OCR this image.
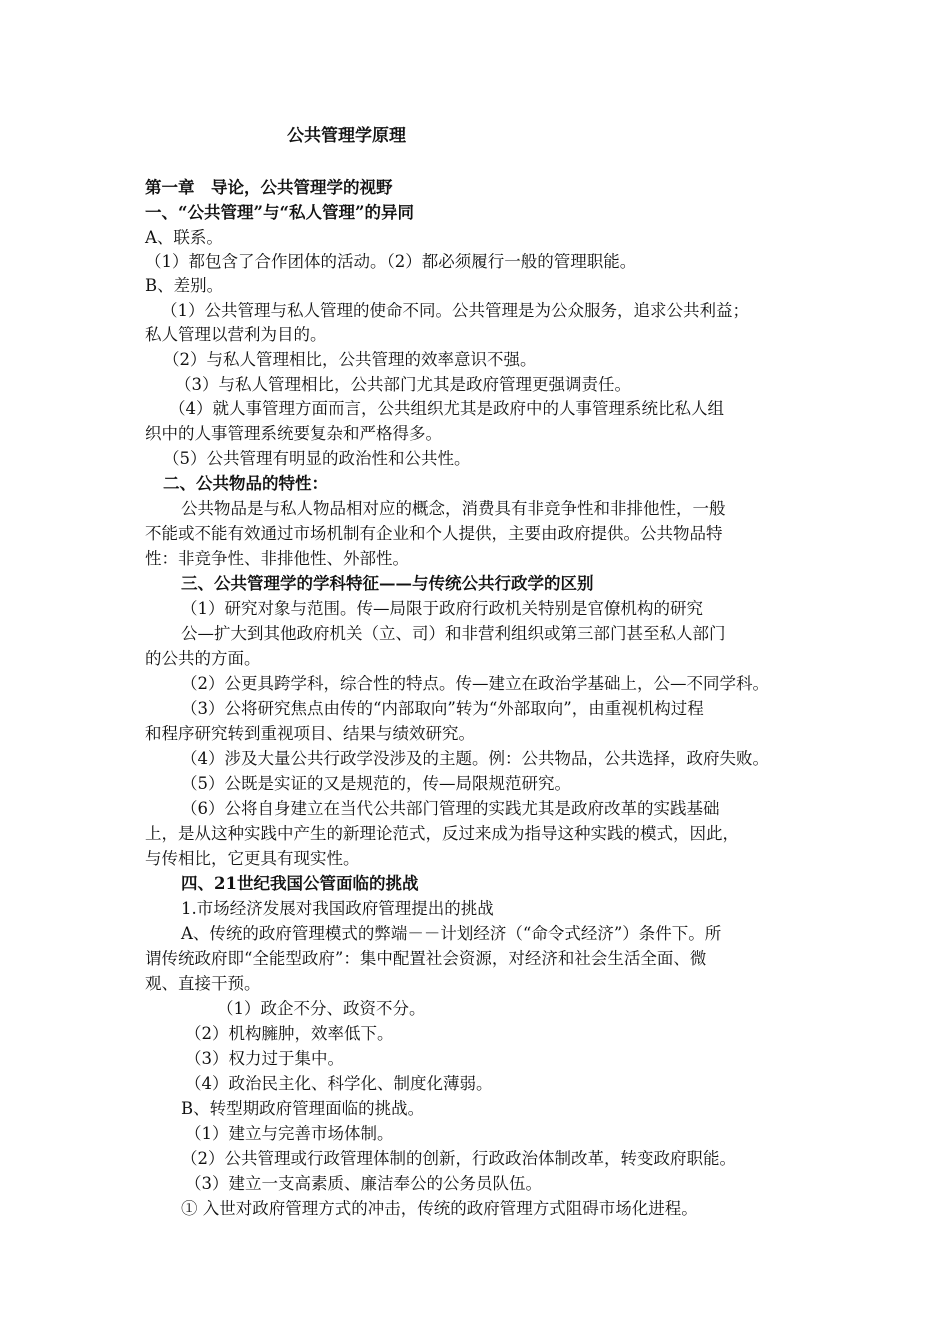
公共管理学原理
第一章　导论，公共管理学的视野
一、“公共管理”与“私人管理”的异同
A、联系。
（1）都包含了合作团体的活动。（2）都必须履行一般的管理职能。
B、差别。
（1）公共管理与私人管理的使命不同。公共管理是为公众服务，追求公共利益；
私人管理以营利为目的。
（2）与私人管理相比，公共管理的效率意识不强。
（3）与私人管理相比，公共部门尤其是政府管理更强调责任。
（4）就人事管理方面而言，公共组织尤其是政府中的人事管理系统比私人组
织中的人事管理系统要复杂和严格得多。
（5）公共管理有明显的政治性和公共性。
二、公共物品的特性：
公共物品是与私人物品相对应的概念，消费具有非竞争性和非排他性，一般
不能或不能有效通过市场机制有企业和个人提供，主要由政府提供。公共物品特
性：非竞争性、非排他性、外部性。
三、公共管理学的学科特征——与传统公共行政学的区别
（1）研究对象与范围。传—局限于政府行政机关特别是官僚机构的研究
公—扩大到其他政府机关（立、司）和非营利组织或第三部门甚至私人部门
的公共的方面。
（2）公更具跨学科，综合性的特点。传—建立在政治学基础上，公—不同学科。
（3）公将研究焦点由传的“内部取向”转为“外部取向”，由重视机构过程
和程序研究转到重视项目、结果与绩效研究。
（4）涉及大量公共行政学没涉及的主题。例：公共物品，公共选择，政府失败。
（5）公既是实证的又是规范的，传—局限规范研究。
（6）公将自身建立在当代公共部门管理的实践尤其是政府改革的实践基础
上，是从这种实践中产生的新理论范式，反过来成为指导这种实践的模式，因此，
与传相比，它更具有现实性。
四、21世纪我国公管面临的挑战
1.市场经济发展对我国政府管理提出的挑战
A、传统的政府管理模式的弊端－－计划经济（“命令式经济”）条件下。所
谓传统政府即“全能型政府”：集中配置社会资源，对经济和社会生活全面、微
观、直接干预。
（1）政企不分、政资不分。
（2）机构臃肿，效率低下。
（3）权力过于集中。
（4）政治民主化、科学化、制度化薄弱。
B、转型期政府管理面临的挑战。
（1）建立与完善市场体制。
（2）公共管理或行政管理体制的创新，行政政治体制改革，转变政府职能。
（3）建立一支高素质、廉洁奉公的公务员队伍。
① 入世对政府管理方式的冲击，传统的政府管理方式阻碍市场化进程。
